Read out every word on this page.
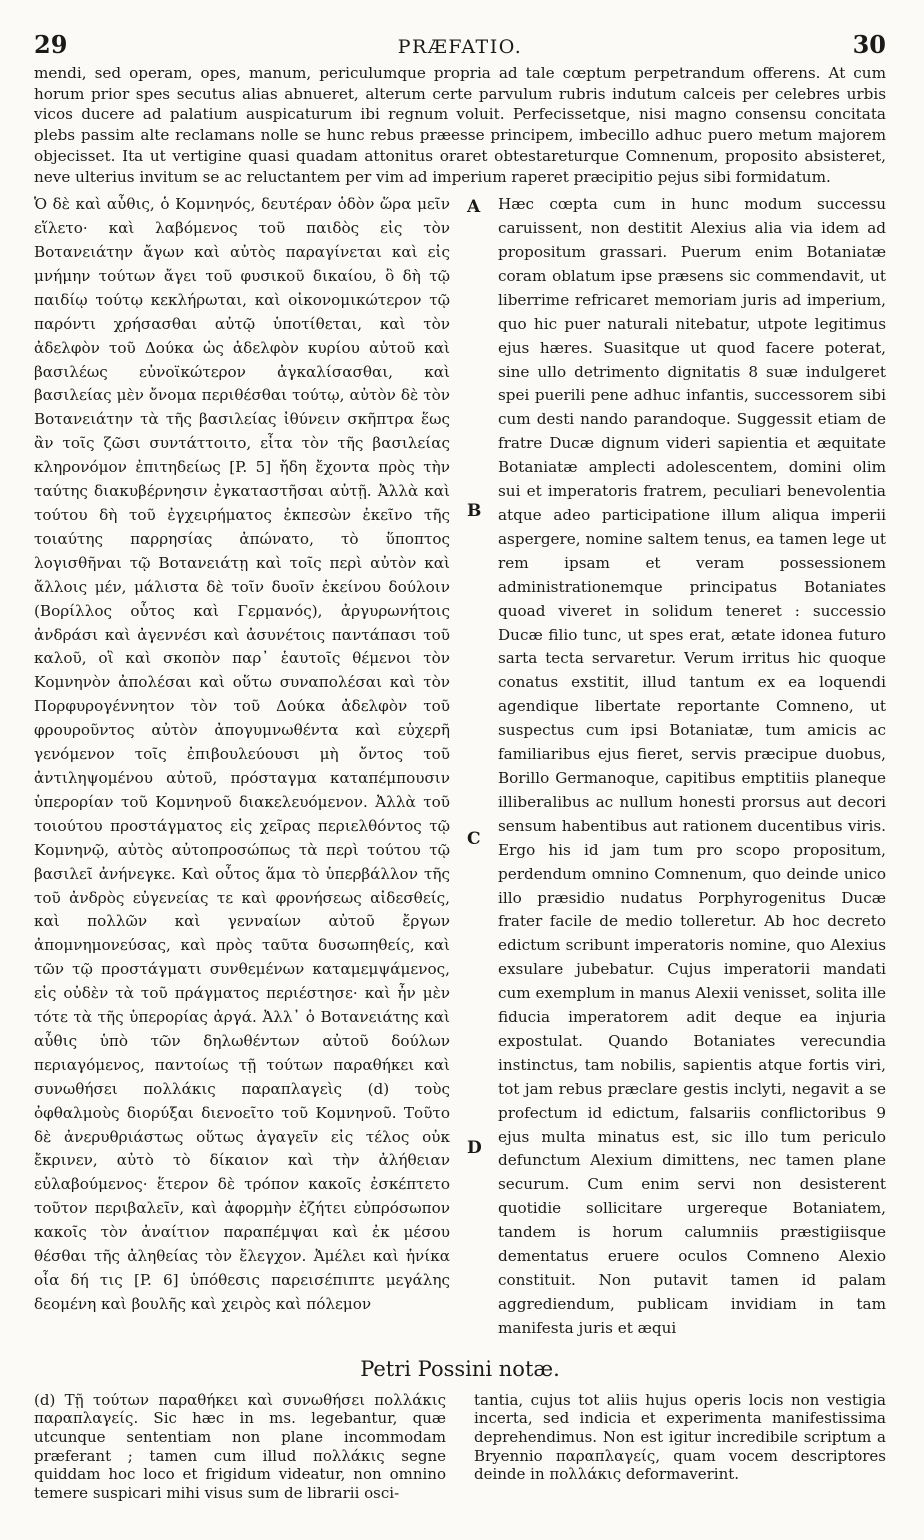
29	PRÆFATIO.	30
mendi, sed operam, opes, manum, periculumque propria ad tale cœptum perpetrandum offerens. At cum horum prior spes secutus alias abnueret, alterum certe parvulum rubris indutum calceis per celebres urbis vicos ducere ad palatium auspicaturum ibi regnum voluit. Perfecissetque, nisi magno consensu concitata plebs passim alte reclamans nolle se hunc rebus præesse principem, imbecillo adhuc puero metum majorem objecisset. Ita ut vertigine quasi quadam attonitus oraret obtestareturque Comnenum, proposito absisteret, neve ulterius invitum se ac reluctantem per vim ad imperium raperet præcipitio pejus sibi formidatum.
Ὁ δὲ καὶ αὖθις, ὁ Κομνηνός, δευτέραν ὁδὸν ὥρα μεῖν εἵλετο· καὶ λαβόμενος τοῦ παιδὸς εἰς τὸν Βοτανειάτην ἄγων καὶ αὐτὸς παραγίνεται καὶ εἰς μνήμην τούτων ἄγει τοῦ φυσικοῦ δικαίου, ὃ δὴ τῷ παιδίῳ τούτῳ κεκλήρωται, καὶ οἰκονομικώτερον τῷ παρόντι χρήσασθαι αὐτῷ ὑποτίθεται, καὶ τὸν ἀδελφὸν τοῦ Δούκα ὡς ἀδελφὸν κυρίου αὐτοῦ καὶ βασιλέως εὐνοϊκώτερον ἀγκαλίσασθαι, καὶ βασιλείας μὲν ὄνομα περιθέσθαι τούτῳ, αὐτὸν δὲ τὸν Βοτανειάτην τὰ τῆς βασιλείας ἰθύνειν σκῆπτρα ἕως ἂν τοῖς ζῶσι συντάττοιτο, εἶτα τὸν τῆς βασιλείας κληρονόμον ἐπιτηδείως [P. 5] ἤδη ἔχοντα πρὸς τὴν ταύτης διακυβέρνησιν ἐγκαταστῆσαι αὐτῇ. Ἀλλὰ καὶ τούτου δὴ τοῦ ἐγχειρήματος ἐκπεσὼν ἐκεῖνο τῆς τοιαύτης παρρησίας ἀπώνατο, τὸ ὕποπτος λογισθῆναι τῷ Βοτανειάτῃ καὶ τοῖς περὶ αὐτὸν καὶ ἄλλοις μέν, μάλιστα δὲ τοῖν δυοῖν ἐκείνου δούλοιν (Βορίλλος οὗτος καὶ Γερμανός), ἀργυρωνήτοις ἀνδράσι καὶ ἀγεννέσι καὶ ἀσυνέτοις παντάπασι τοῦ καλοῦ, οἳ καὶ σκοπὸν παρ᾽ ἑαυτοῖς θέμενοι τὸν Κομνηνὸν ἀπολέσαι καὶ οὕτω συναπολέσαι καὶ τὸν Πορφυρογέννητον τὸν τοῦ Δούκα ἀδελφὸν τοῦ φρουροῦντος αὐτὸν ἀπογυμνωθέντα καὶ εὐχερῆ γενόμενον τοῖς ἐπιβουλεύουσι μὴ ὄντος τοῦ ἀντιληψομένου αὐτοῦ, πρόσταγμα καταπέμπουσιν ὑπερορίαν τοῦ Κομνηνοῦ διακελευόμενον. Ἀλλὰ τοῦ τοιούτου προστάγματος εἰς χεῖρας περιελθόντος τῷ Κομνηνῷ, αὐτὸς αὐτοπροσώπως τὰ περὶ τούτου τῷ βασιλεῖ ἀνήνεγκε. Καὶ οὗτος ἅμα τὸ ὑπερβάλλον τῆς τοῦ ἀνδρὸς εὐγενείας τε καὶ φρονήσεως αἰδεσθείς, καὶ πολλῶν καὶ γενναίων αὐτοῦ ἔργων ἀπομνημονεύσας, καὶ πρὸς ταῦτα δυσωπηθείς, καὶ τῶν τῷ προστάγματι συνθεμένων καταμεμψάμενος, εἰς οὐδὲν τὰ τοῦ πράγματος περιέστησε· καὶ ἦν μὲν τότε τὰ τῆς ὑπερορίας ἀργά. Ἀλλ᾽ ὁ Βοτανειάτης καὶ αὖθις ὑπὸ τῶν δηλωθέντων αὐτοῦ δούλων περιαγόμενος, παντοίως τῇ τούτων παραθήκει καὶ συνωθήσει πολλάκις παραπλαγεὶς (d) τοὺς ὀφθαλμοὺς διορύξαι διενοεῖτο τοῦ Κομνηνοῦ. Τοῦτο δὲ ἀνερυθριάστως οὕτως ἀγαγεῖν εἰς τέλος οὐκ ἔκρινεν, αὐτὸ τὸ δίκαιον καὶ τὴν ἀλήθειαν εὐλαβούμενος· ἕτερον δὲ τρόπον κακοῖς ἐσκέπτετο τοῦτον περιβαλεῖν, καὶ ἀφορμὴν ἐζήτει εὐπρόσωπον κακοῖς τὸν ἀναίτιον παραπέμψαι καὶ ἐκ μέσου θέσθαι τῆς ἀληθείας τὸν ἔλεγχον. Ἀμέλει καὶ ἡνίκα οἷα δή τις [P. 6] ὑπόθεσις παρεισέπιπτε μεγάλης δεομένη καὶ βουλῆς καὶ χειρὸς καὶ πόλεμον
A
B
C
D
Hæc cœpta cum in hunc modum successu caruissent, non destitit Alexius alia via idem ad propositum grassari. Puerum enim Botaniatæ coram oblatum ipse præsens sic commendavit, ut liberrime refricaret memoriam juris ad imperium, quo hic puer naturali nitebatur, utpote legitimus ejus hæres. Suasitque ut quod facere poterat, sine ullo detrimento dignitatis 8 suæ indulgeret spei puerili pene adhuc infantis, successorem sibi cum desti nando parandoque. Suggessit etiam de fratre Ducæ dignum videri sapientia et æquitate Botaniatæ amplecti adolescentem, domini olim sui et imperatoris fratrem, peculiari benevolentia atque adeo participatione illum aliqua imperii aspergere, nomine saltem tenus, ea tamen lege ut rem ipsam et veram possessionem administrationemque principatus Botaniates quoad viveret in solidum teneret : successio Ducæ filio tunc, ut spes erat, ætate idonea futuro sarta tecta servaretur. Verum irritus hic quoque conatus exstitit, illud tantum ex ea loquendi agendique libertate reportante Comneno, ut suspectus cum ipsi Botaniatæ, tum amicis ac familiaribus ejus fieret, servis præcipue duobus, Borillo Germanoque, capitibus emptitiis planeque illiberalibus ac nullum honesti prorsus aut decori sensum habentibus aut rationem ducentibus viris. Ergo his id jam tum pro scopo propositum, perdendum omnino Comnenum, quo deinde unico illo præsidio nudatus Porphyrogenitus Ducæ frater facile de medio tolleretur. Ab hoc decreto edictum scribunt imperatoris nomine, quo Alexius exsulare jubebatur. Cujus imperatorii mandati cum exemplum in manus Alexii venisset, solita ille fiducia imperatorem adit deque ea injuria expostulat. Quando Botaniates verecundia instinctus, tam nobilis, sapientis atque fortis viri, tot jam rebus præclare gestis inclyti, negavit a se profectum id edictum, falsariis conflictoribus 9 ejus multa minatus est, sic illo tum periculo defunctum Alexium dimittens, nec tamen plane securum. Cum enim servi non desisterent quotidie sollicitare urgereque Botaniatem, tandem is horum calumniis præstigiisque dementatus eruere oculos Comneno Alexio constituit. Non putavit tamen id palam aggrediendum, publicam invidiam in tam manifesta juris et æqui
Petri Possini notæ.
(d) Τῇ τούτων παραθήκει καὶ συνωθήσει πολλάκις παραπλαγείς. Sic hæc in ms. legebantur, quæ utcunque sententiam non plane incommodam præferant ; tamen cum illud πολλάκις segne quiddam hoc loco et frigidum videatur, non omnino temere suspicari mihi visus sum de librarii osci-
tantia, cujus tot aliis hujus operis locis non vestigia incerta, sed indicia et experimenta manifestissima deprehendimus. Non est igitur incredibile scriptum a Bryennio παραπλαγείς, quam vocem descriptores deinde in πολλάκις deformaverint.
